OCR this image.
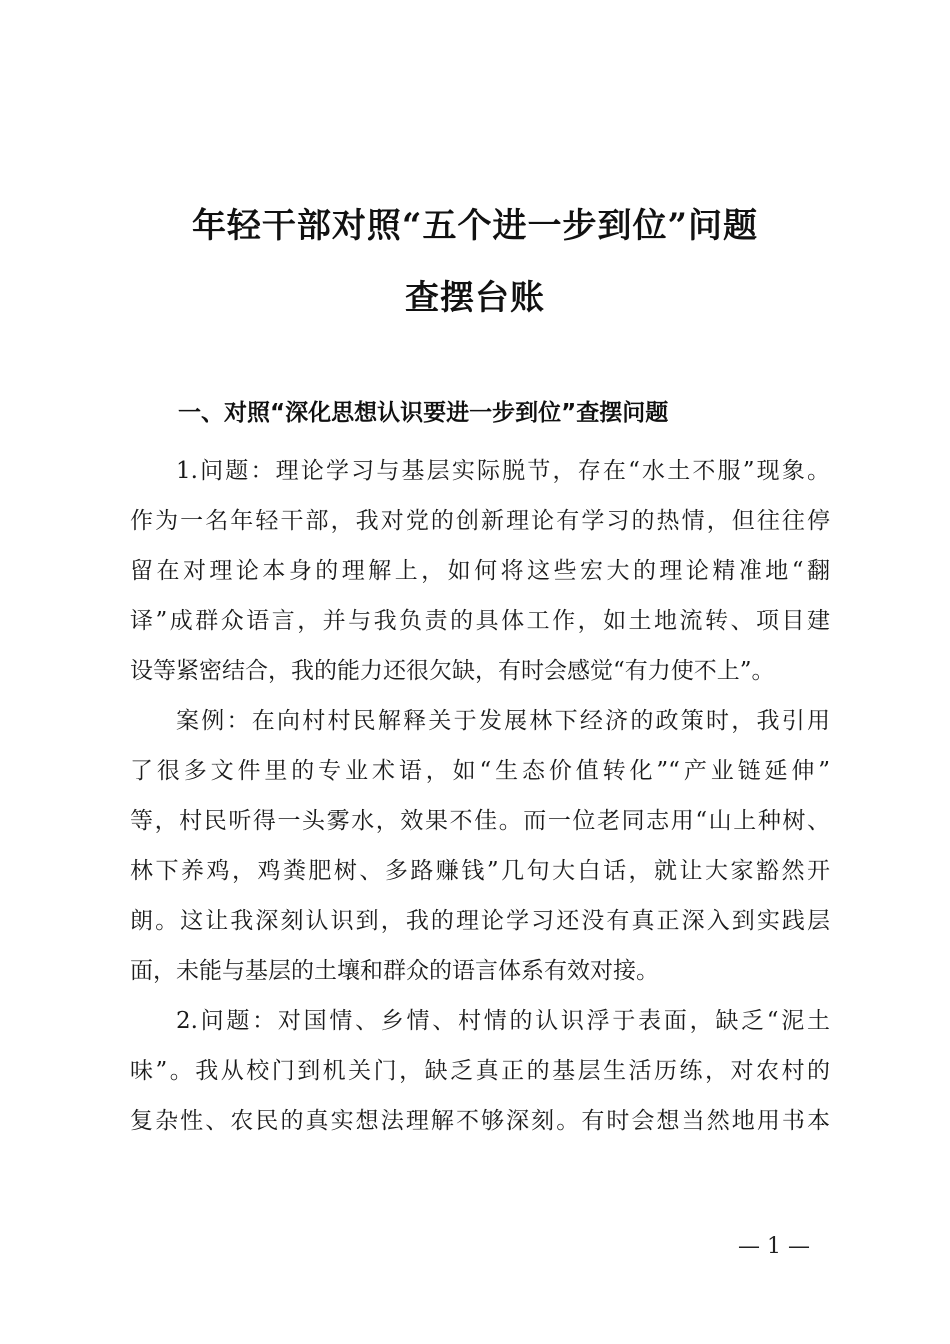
年轻干部对照“五个进一步到位”问题
查摆台账
一、对照“深化思想认识要进一步到位”查摆问题
1.问题：理论学习与基层实际脱节，存在“水土不服”现象。
作为一名年轻干部，我对党的创新理论有学习的热情，但往往停
留在对理论本身的理解上，如何将这些宏大的理论精准地“翻
译”成群众语言，并与我负责的具体工作，如土地流转、项目建
设等紧密结合，我的能力还很欠缺，有时会感觉“有力使不上”。
案例：在向村村民解释关于发展林下经济的政策时，我引用
了很多文件里的专业术语，如“生态价值转化”“产业链延伸”
等，村民听得一头雾水，效果不佳。而一位老同志用“山上种树、
林下养鸡，鸡粪肥树、多路赚钱”几句大白话，就让大家豁然开
朗。这让我深刻认识到，我的理论学习还没有真正深入到实践层
面，未能与基层的土壤和群众的语言体系有效对接。
2.问题：对国情、乡情、村情的认识浮于表面，缺乏“泥土
味”。我从校门到机关门，缺乏真正的基层生活历练，对农村的
复杂性、农民的真实想法理解不够深刻。有时会想当然地用书本
— 1 —
